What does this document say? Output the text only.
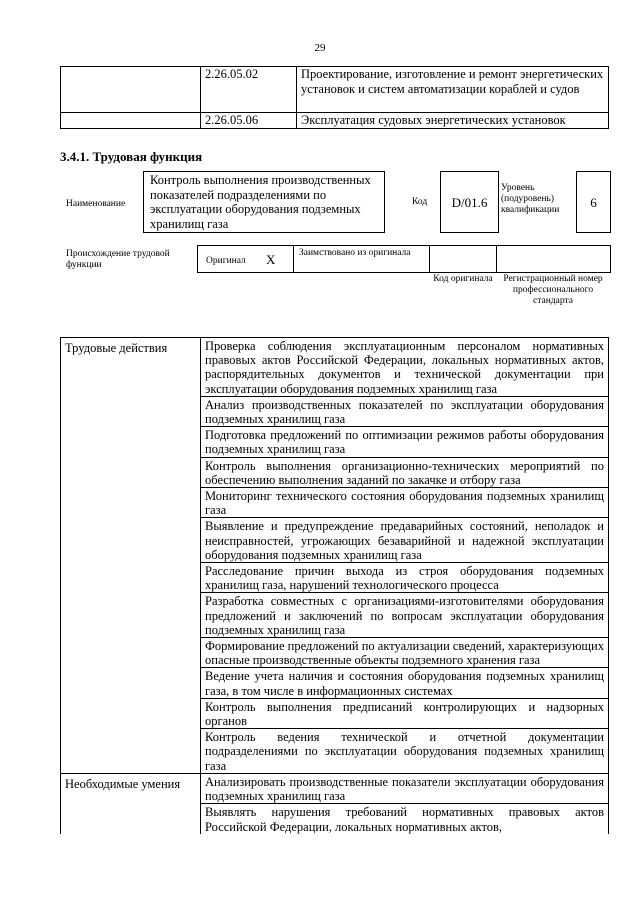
29
	2.26.05.02	Проектирование, изготовление и ремонт энергетических установок и систем автоматизации кораблей и судов
	2.26.05.06	Эксплуатация судовых энергетических установок
3.4.1. Трудовая функция
Наименование
Контроль выполнения производственных показателей подразделениями по эксплуатации оборудования подземных хранилищ газа
Код	D/01.6
Уровень (подуровень) квалификации	6
Происхождение трудовой функции	Оригинал X Заимствовано из оригинала
Код оригинала	Регистрационный номер профессионального стандарта
Трудовые действия	Проверка соблюдения эксплуатационным персоналом нормативных правовых актов Российской Федерации, локальных нормативных актов, распорядительных документов и технической документации при эксплуатации оборудования подземных хранилищ газа
	Анализ производственных показателей по эксплуатации оборудования подземных хранилищ газа
	Подготовка предложений по оптимизации режимов работы оборудования подземных хранилищ газа
	Контроль выполнения организационно-технических мероприятий по обеспечению выполнения заданий по закачке и отбору газа
	Мониторинг технического состояния оборудования подземных хранилищ газа
	Выявление и предупреждение предаварийных состояний, неполадок и неисправностей, угрожающих безаварийной и надежной эксплуатации оборудования подземных хранилищ газа
	Расследование причин выхода из строя оборудования подземных хранилищ газа, нарушений технологического процесса
	Разработка совместных с организациями-изготовителями оборудования предложений и заключений по вопросам эксплуатации оборудования подземных хранилищ газа
	Формирование предложений по актуализации сведений, характеризующих опасные производственные объекты подземного хранения газа
	Ведение учета наличия и состояния оборудования подземных хранилищ газа, в том числе в информационных системах
	Контроль выполнения предписаний контролирующих и надзорных органов
	Контроль ведения технической и отчетной документации подразделениями по эксплуатации оборудования подземных хранилищ газа
Необходимые умения	Анализировать производственные показатели эксплуатации оборудования подземных хранилищ газа
	Выявлять нарушения требований нормативных правовых актов Российской Федерации, локальных нормативных актов,
